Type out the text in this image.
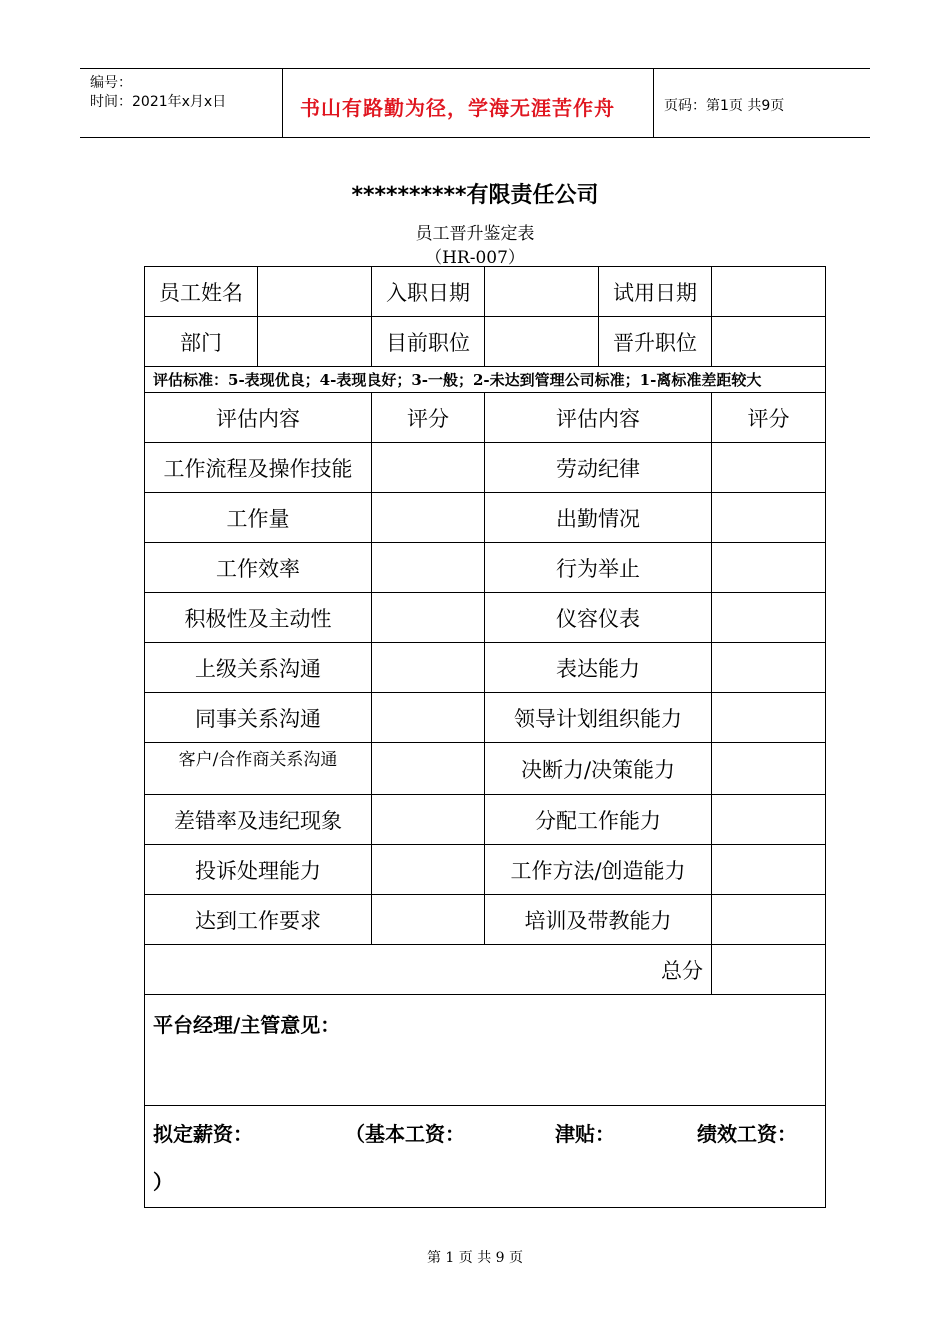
编号：
时间：2021年x月x日	书山有路勤为径，学海无涯苦作舟	页码：第1页 共9页
**********有限责任公司
员工晋升鉴定表
（HR-007）
员工姓名		入职日期		试用日期	
部门		目前职位		晋升职位	
评估标准：5-表现优良；4-表现良好；3-一般；2-未达到管理公司标准；1-离标准差距较大					
评估内容		评分	评估内容		评分
工作流程及操作技能			劳动纪律		
工作量			出勤情况		
工作效率			行为举止		
积极性及主动性			仪容仪表		
上级关系沟通			表达能力		
同事关系沟通			领导计划组织能力		
客户/合作商关系沟通			决断力/决策能力		
差错率及违纪现象			分配工作能力		
投诉处理能力			工作方法/创造能力		
达到工作要求			培训及带教能力		
总分					
平台经理/主管意见：					

拟定薪资： （基本工资： 津贴： 绩效工资：
）					
第 1 页 共 9 页
